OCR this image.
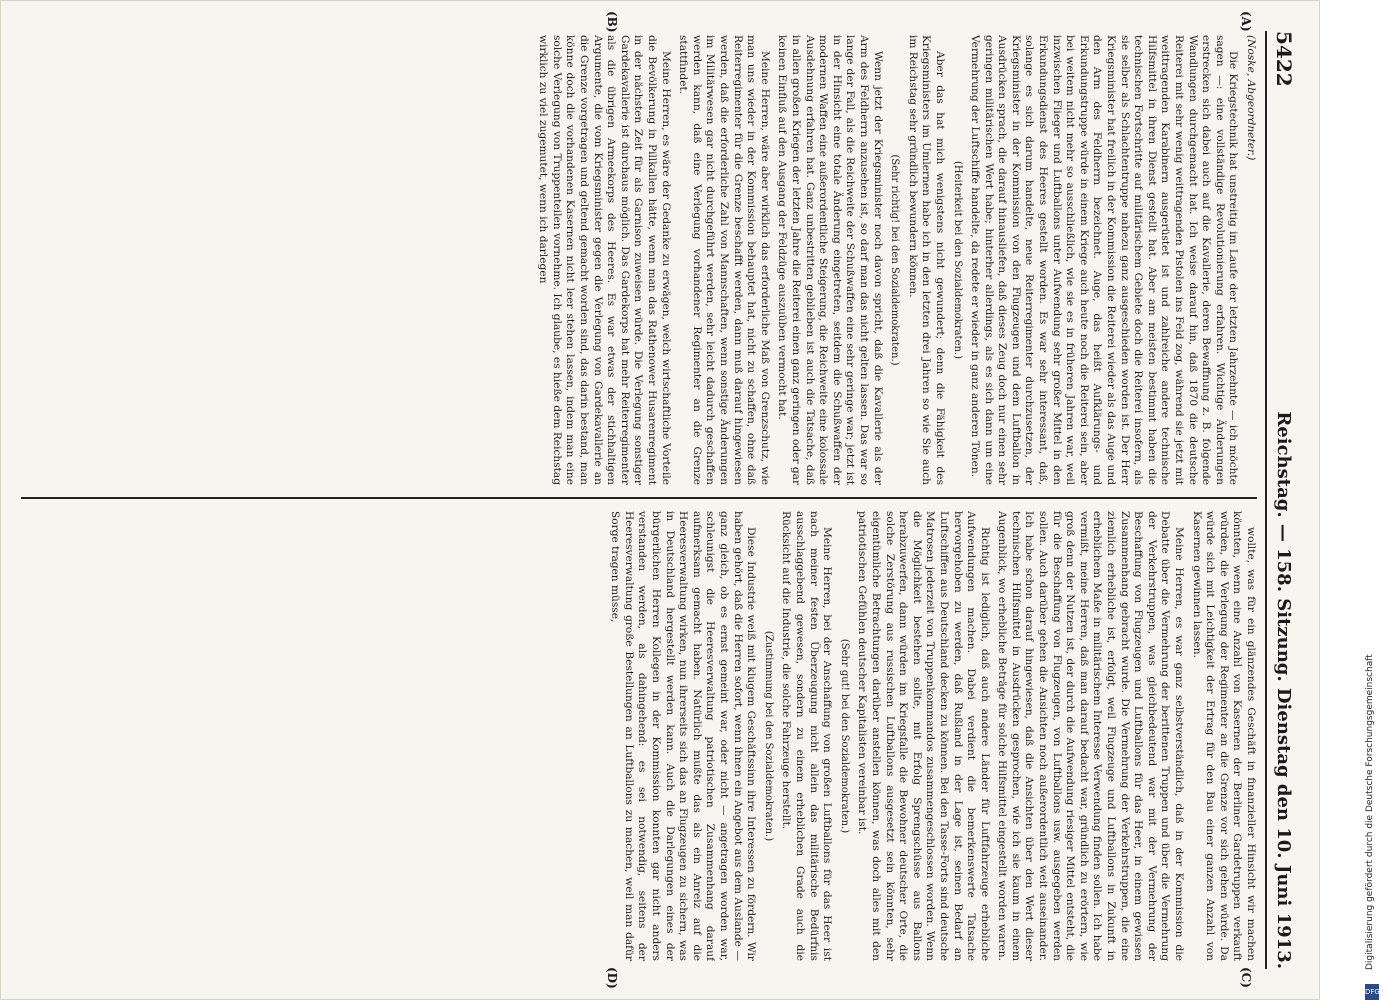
5422
Reichstag. — 158. Sitzung. Dienstag den 10. Juni 1913.
(A)
(B)
(C)
(D)

(Noske, Abgeordneter.)

Die Kriegstechnik hat unstreitig im Laufe der letzten Jahrzehnte — ich möchte sagen —: eine vollständige Revolutionierung erfahren. Wichtige Änderungen erstrecken sich dabei auch auf die Kavallerie, deren Bewaffnung z. B. folgende Wandlungen durchgemacht hat. Ich weise darauf hin, daß 1870 die deutsche Reiterei mit sehr wenig weittragenden Pistolen ins Feld zog, während sie jetzt mit weittragenden Karabinern ausgerüstet ist und zahlreiche andere technische Hilfsmittel in ihren Dienst gestellt hat. Aber am meisten bestimmt haben die technischen Fortschritte auf militärischem Gebiete doch die Reiterei insofern, als sie selber als Schlachtentruppe nahezu ganz ausgeschieden worden ist. Der Herr Kriegsminister hat freilich in der Kommission die Reiterei wieder als das Auge und den Arm des Feldherrn bezeichnet. Auge, das heißt Aufklärungs- und Erkundungstruppe würde in einem Kriege auch heute noch die Reiterei sein, aber bei weitem nicht mehr so ausschließlich, wie sie es in früheren Jahren war, weil inzwischen Flieger und Luftballons unter Aufwendung sehr großer Mittel in den Erkundungsdienst des Heeres gestellt worden. Es war sehr interessant, daß, solange es sich darum handelte, neue Reiterregimenter durchzusetzen, der Kriegsminister in der Kommission von den Flugzeugen und dem Luftballon in Ausdrücken sprach, die darauf hinausliefen, daß dieses Zeug doch nur einen sehr geringen militärischen Wert habe; hinterher allerdings, als es sich dann um eine Vermehrung der Luftschiffe handelte, da redete er wieder in ganz anderen Tönen.

(Heiterkeit bei den Sozialdemokraten.)

Aber das hat mich wenigstens nicht gewundert; denn die Fähigkeit des Kriegsministers im Umlernen habe ich in den letzten drei Jahren so wie Sie auch im Reichstag sehr gründlich bewundern können.

(Sehr richtig! bei den Sozialdemokraten.)

Wenn jetzt der Kriegsminister noch davon spricht, daß die Kavallerie als der Arm des Feldherrn anzusehen ist, so darf man das nicht gelten lassen. Das war so lange der Fall, als die Reichweite der Schußwaffen eine sehr geringe war; jetzt ist in der Hinsicht eine totale Änderung eingetreten, seitdem die Schußwaffen der modernen Waffen eine außerordentliche Steigerung, die Reichweite eine kolossale Ausdehnung erfahren hat. Ganz unbestritten geblieben ist auch die Tatsache, daß in allen großen Kriegen der letzten Jahre die Reiterei einen ganz geringen oder gar keinen Einfluß auf den Ausgang der Feldzüge auszuüben vermocht hat.

Meine Herren, wäre aber wirklich das erforderliche Maß von Grenzschutz, wie man uns wieder in der Kommission behauptet hat, nicht zu schaffen, ohne daß Reiterregimenter für die Grenze beschafft werden, dann muß darauf hingewiesen werden, daß die erforderliche Zahl von Mannschaften, wenn sonstige Änderungen im Militärwesen gar nicht durchgeführt werden, sehr leicht dadurch geschaffen werden kann, daß eine Verlegung vorhandener Regimenter an die Grenze stattfindet.

Meine Herren, es wäre der Gedanke zu erwägen, welch wirtschaftliche Vorteile die Bevölkerung in Pillkallen hätte, wenn man das Rathenower Husarenregiment in der nächsten Zeit für als Garnison zuweisen würde. Die Verlegung sonstiger Gardekavallerie ist durchaus möglich. Das Gardekorps hat mehr Reiterregimenter als die übrigen Armeekorps des Heeres. Es war etwas der stichhaltigen Argumente, die vom Kriegsminister gegen die Verlegung von Gardekavallerie an die Grenze vorgetragen und geltend gemacht worden sind, das darin bestand, man könne doch die vorhandenen Kasernen nicht leer stehen lassen, indem man eine solche Verlegung von Truppenteilen vornehme. Ich glaube, es hieße dem Reichstag wirklich zu viel zugemutet, wenn ich darlegen

wollte, was für ein glänzendes Geschäft in finanzieller Hinsicht wir machen könnten, wenn eine Anzahl von Kasernen der Berliner Gardetruppen verkauft würden, die Verlegung der Regimenter an die Grenze vor sich gehen würde. Da würde sich mit Leichtigkeit der Ertrag für den Bau einer ganzen Anzahl von Kasernen gewinnen lassen.

Meine Herren, es war ganz selbstverständlich, daß in der Kommission die Debatte über die Vermehrung der berittenen Truppen und über die Vermehrung der Verkehrstruppen, was gleichbedeutend war mit der Vermehrung der Beschaffung von Flugzeugen und Luftballons für das Heer, in einem gewissen Zusammenhang gebracht wurde. Die Vermehrung der Verkehrstruppen, die eine ziemlich erhebliche ist, erfolgt, weil Flugzeuge und Luftballons in Zukunft in erheblichem Maße in militärischem Interesse Verwendung finden sollen. Ich habe vermißt, meine Herren, daß man darauf bedacht war, gründlich zu erörtern, wie groß denn der Nutzen ist, der durch die Aufwendung riesiger Mittel entsteht, die für die Beschaffung von Flugzeugen, von Luftballons usw. ausgegeben werden sollen. Auch darüber gehen die Ansichten noch außerordentlich weit auseinander. Ich habe schon darauf hingewiesen, daß die Ansichten über den Wert dieser technischen Hilfsmittel in Ausdrücken gesprochen, wie ich sie kaum in einem Augenblick, wo erhebliche Beträge für solche Hilfsmittel eingestellt worden waren.

Richtig ist lediglich, daß auch andere Länder für Luftfahrzeuge erhebliche Aufwendungen machen. Dabei verdient die bemerkenswerte Tatsache hervorgehoben zu werden, daß Rußland in der Lage ist, seinen Bedarf an Luftschiffen aus Deutschland decken zu können. Bei den Tasse-Forts sind deutsche Matrosen jederzeit von Truppenkommandos zusammengeschlossen worden. Wenn die Möglichkeit bestehen sollte, mit Erfolg Sprengschüsse aus Ballons herabzuwerfen, dann würden im Kriegsfalle die Bewohner deutscher Orte, die solche Zerstörung aus russischen Luftballons ausgesetzt sein könnten, sehr eigentümliche Betrachtungen darüber anstellen können, was doch alles mit den patriotischen Gefühlen deutscher Kapitalisten vereinbar ist.

(Sehr gut! bei den Sozialdemokraten.)

Meine Herren, bei der Anschaffung von großen Luftballons für das Heer ist nach meiner festen Überzeugung nicht allein das militärische Bedürfnis ausschlaggebend gewesen, sondern zu einem erheblichen Grade auch die Rücksicht auf die Industrie, die solche Fahrzeuge herstellt.

(Zustimmung bei den Sozialdemokraten.)

Diese Industrie weiß mit klugem Geschäftssinn ihre Interessen zu fördern. Wir haben gehört, daß die Herren sofort, wenn ihnen ein Angebot aus dem Auslande — ganz gleich, ob es ernst gemeint war, oder nicht — angetragen worden war, schleunigst die Heeresverwaltung patriotischen Zusammenhang darauf aufmerksam gemacht haben. Natürlich mußte das als ein Anreiz auf die Heeresverwaltung wirken, nun ihrerseits sich das an Flugzeugen zu sichern, was in Deutschland hergestellt werden kann. Auch die Darlegungen eines der bürgerlichen Herren Kollegen in der Kommission konnten gar nicht anders verstanden werden, als dahingehend: es sei notwendig, seitens der Heeresverwaltung große Bestellungen an Luftballons zu machen, weil man dafür Sorge tragen müsse,

Digitalisierung gefördert durch die Deutsche Forschungsgemeinschaft
DFG
